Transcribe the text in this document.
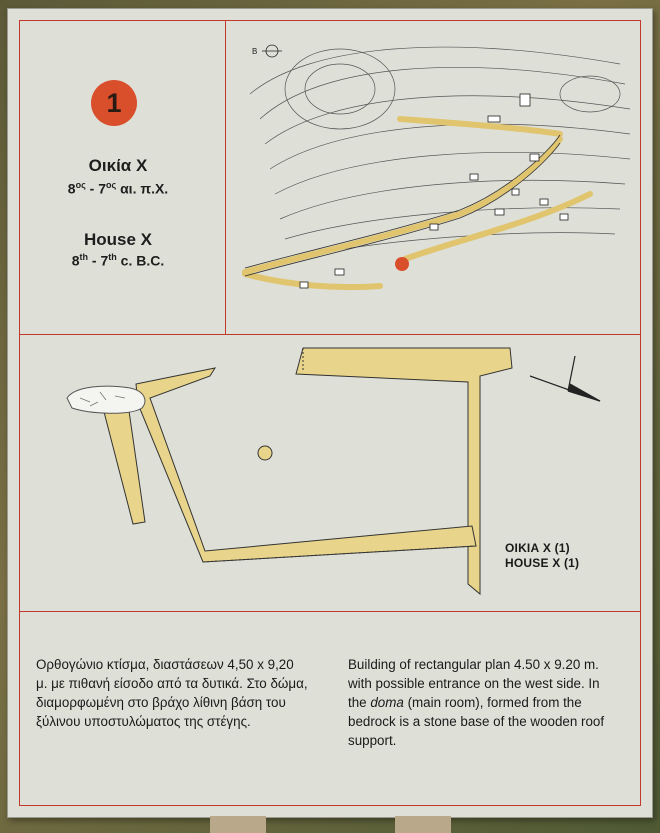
1
Οικία Χ
$8^{o\varsigma} - 7^{o\varsigma}$ αι. π.Χ.
House X
8th - 7th c. B.C.
B
ΟΙΚΙΑ Χ (1)
HOUSE X (1)
Ορθογώνιο κτίσμα, διαστάσεων 4,50 x 9,20
μ. με πιθανή είσοδο από τα δυτικά. Στο δώμα,
διαμορφωμένη στο βράχο λίθινη βάση του
ξύλινου υποστυλώματος της στέγης.
Building of rectangular plan 4.50 x 9.20 m.
with possible entrance on the west side. In
the doma (main room), formed from the
bedrock is a stone base of the wooden roof
support.
